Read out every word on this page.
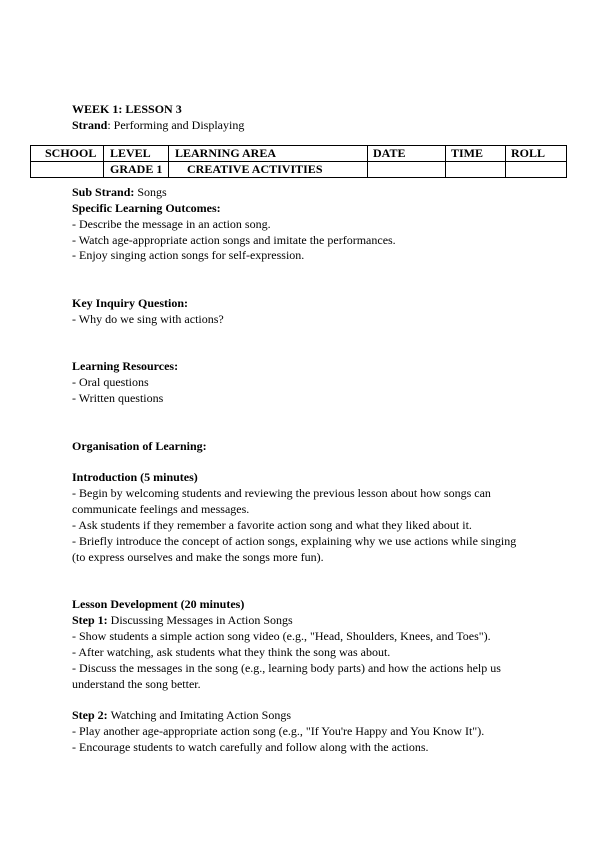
WEEK 1: LESSON 3
Strand: Performing and Displaying
SCHOOL	LEVEL	LEARNING AREA	DATE	TIME	ROLL
	GRADE 1	CREATIVE ACTIVITIES			
Sub Strand: Songs
Specific Learning Outcomes:
- Describe the message in an action song.
- Watch age-appropriate action songs and imitate the performances.
- Enjoy singing action songs for self-expression.
Key Inquiry Question:
- Why do we sing with actions?
Learning Resources:
- Oral questions
- Written questions
Organisation of Learning:
Introduction (5 minutes)
- Begin by welcoming students and reviewing the previous lesson about how songs can
communicate feelings and messages.
- Ask students if they remember a favorite action song and what they liked about it.
- Briefly introduce the concept of action songs, explaining why we use actions while singing
(to express ourselves and make the songs more fun).
Lesson Development (20 minutes)
Step 1: Discussing Messages in Action Songs
- Show students a simple action song video (e.g., "Head, Shoulders, Knees, and Toes").
- After watching, ask students what they think the song was about.
- Discuss the messages in the song (e.g., learning body parts) and how the actions help us
understand the song better.
Step 2: Watching and Imitating Action Songs
- Play another age-appropriate action song (e.g., "If You're Happy and You Know It").
- Encourage students to watch carefully and follow along with the actions.
